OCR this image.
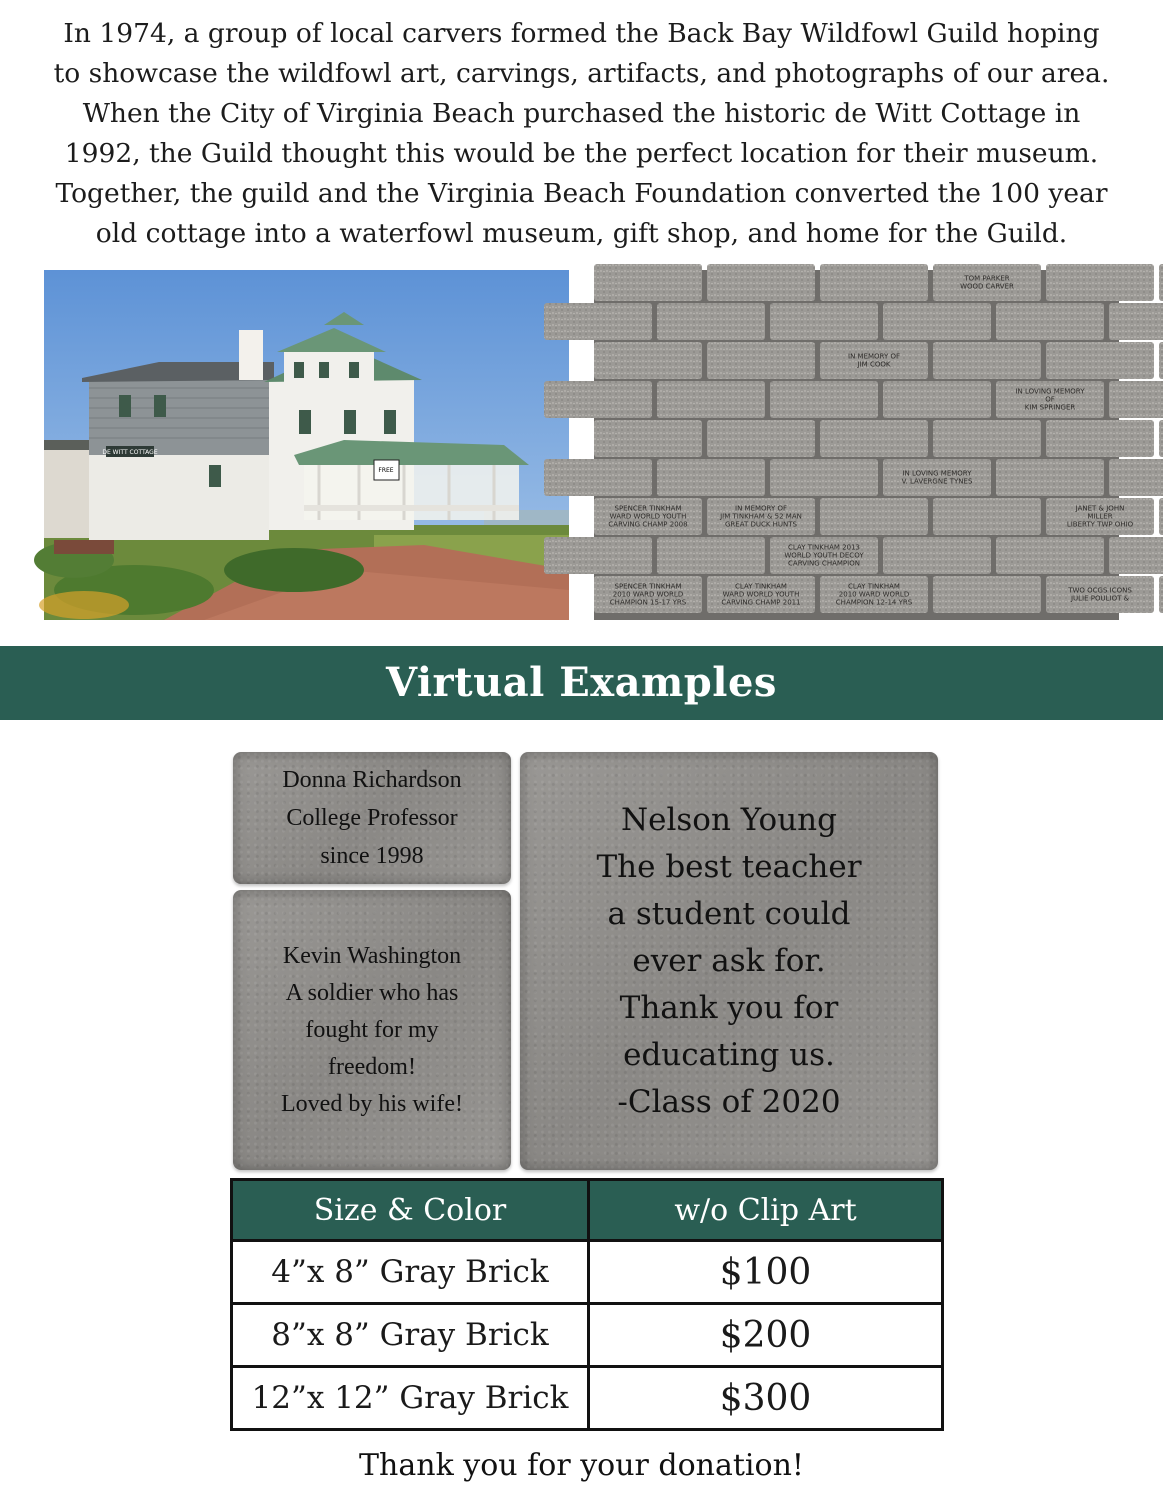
In 1974, a group of local carvers formed the Back Bay Wildfowl Guild hoping
to showcase the wildfowl art, carvings, artifacts, and photographs of our area.
When the City of Virginia Beach purchased the historic de Witt Cottage in
1992, the Guild thought this would be the perfect location for their museum.
Together, the guild and the Virginia Beach Foundation converted the 100 year
old cottage into a waterfowl museum, gift shop, and home for the Guild.
DE WITT COTTAGE
FREE
TOM PARKER WOOD CARVER
IN MEMORY OF JIM COOK
IN LOVING MEMORY OF KIM SPRINGER
IN LOVING MEMORY V. LAVERGNE TYNES
SPENCER TINKHAM WARD WORLD YOUTH CARVING CHAMP 2008
IN MEMORY OF JIM TINKHAM & 52 MAN GREAT DUCK HUNTS
JANET & JOHN MILLER LIBERTY TWP OHIO
CLAY TINKHAM 2013 WORLD YOUTH DECOY CARVING CHAMPION
SPENCER TINKHAM 2010 WARD WORLD CHAMPION 15-17 YRS
CLAY TINKHAM WARD WORLD YOUTH CARVING CHAMP 2011
CLAY TINKHAM 2010 WARD WORLD CHAMPION 12-14 YRS
TWO OCGS ICONS JULIE POULIOT &
Virtual Examples
Donna Richardson
College Professor
since 1998
Kevin Washington
A soldier who has
fought for my
freedom!
Loved by his wife!
Nelson Young
The best teacher
a student could
ever ask for.
Thank you for
educating us.
-Class of 2020
Size & Color	w/o Clip Art
4”x 8” Gray Brick	$100
8”x 8” Gray Brick	$200
12”x 12” Gray Brick	$300
Thank you for your donation!
